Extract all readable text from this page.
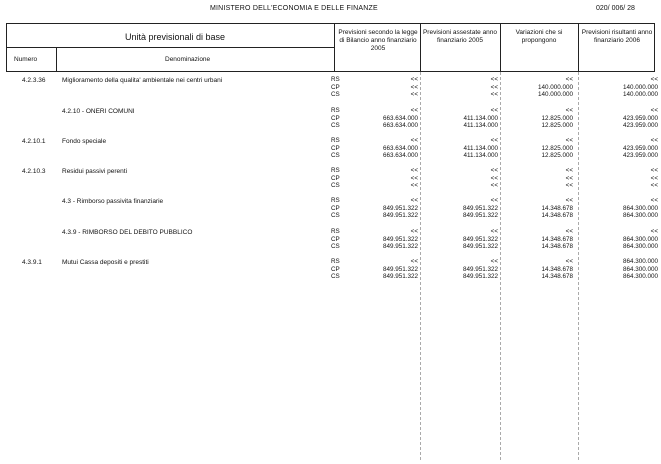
MINISTERO DELL'ECONOMIA E DELLE FINANZE	020/ 006/ 28
Unità previsionali di base
Numero	Denominazione
Previsioni secondo la legge di Bilancio anno finanziario 2005
Previsioni assestate anno finanziario 2005
Variazioni che si propongono
Previsioni risultanti anno finanziario 2006
4.2.3.36	Miglioramento della qualita' ambientale nei centri urbani	RS	<<	<<	<<	<<
CP	<<	<<	140.000.000	140.000.000
CS	<<	<<	140.000.000	140.000.000
4.2.10 - ONERI COMUNI	RS	<<	<<	<<	<<
CP	663.634.000	411.134.000	12.825.000	423.959.000
CS	663.634.000	411.134.000	12.825.000	423.959.000
4.2.10.1	Fondo speciale	RS	<<	<<	<<	<<
CP	663.634.000	411.134.000	12.825.000	423.959.000
CS	663.634.000	411.134.000	12.825.000	423.959.000
4.2.10.3	Residui passivi perenti	RS	<<	<<	<<	<<
CP	<<	<<	<<	<<
CS	<<	<<	<<	<<
4.3 - Rimborso passivita finanziarie	RS	<<	<<	<<	<<
CP	849.951.322	849.951.322	14.348.678	864.300.000
CS	849.951.322	849.951.322	14.348.678	864.300.000
4.3.9 - RIMBORSO DEL DEBITO PUBBLICO	RS	<<	<<	<<	<<
CP	849.951.322	849.951.322	14.348.678	864.300.000
CS	849.951.322	849.951.322	14.348.678	864.300.000
4.3.9.1	Mutui Cassa depositi e prestiti	RS	<<	<<	<<	864.300.000
CP	849.951.322	849.951.322	14.348.678	864.300.000
CS	849.951.322	849.951.322	14.348.678	864.300.000
